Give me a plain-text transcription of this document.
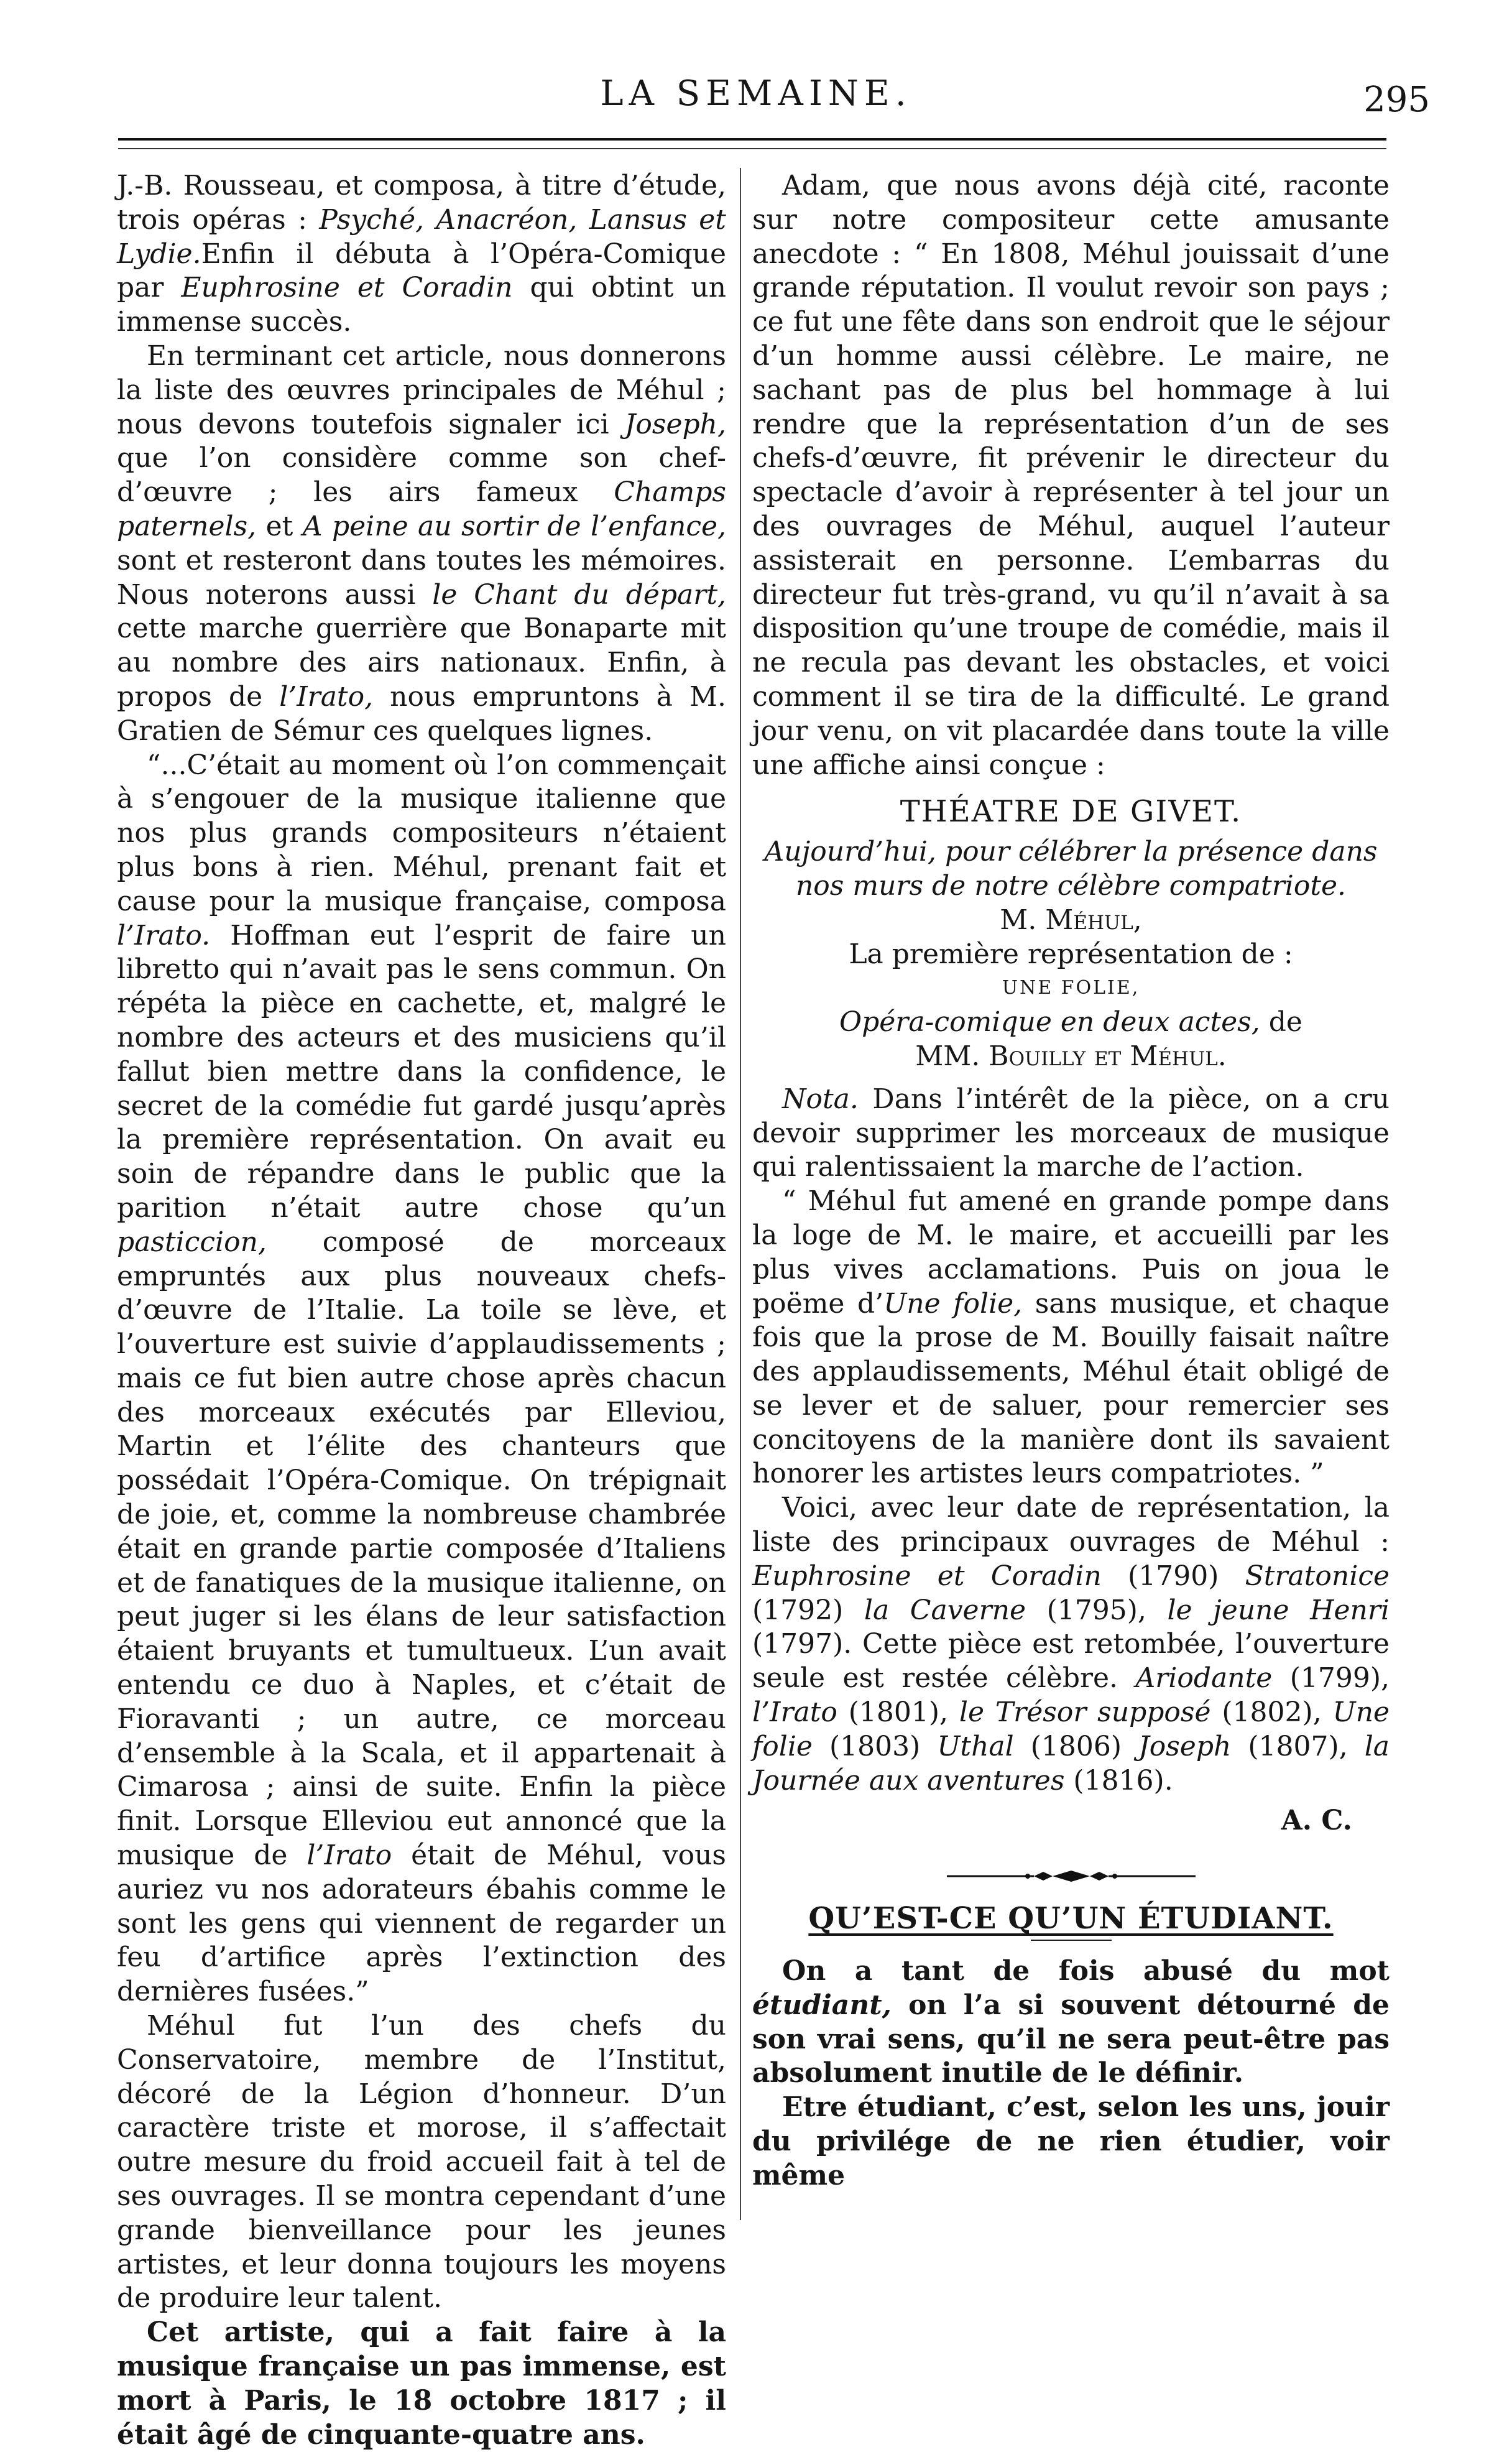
LA SEMAINE.	295

J.-B. Rousseau, et composa, à titre d’étude, trois opéras : Psyché, Anacréon, Lansus et Lydie.Enfin il débuta à l’Opéra-Comique par Euphrosine et Coradin qui obtint un immense succès.

En terminant cet article, nous donnerons la liste des œuvres principales de Méhul ; nous devons toutefois signaler ici Joseph, que l’on considère comme son chef-d’œuvre ; les airs fameux Champs paternels, et A peine au sortir de l’enfance, sont et resteront dans toutes les mémoires. Nous noterons aussi le Chant du départ, cette marche guerrière que Bonaparte mit au nombre des airs nationaux. Enfin, à propos de l’Irato, nous empruntons à M. Gratien de Sémur ces quelques lignes.

“...C’était au moment où l’on commençait à s’engouer de la musique italienne que nos plus grands compositeurs n’étaient plus bons à rien. Méhul, prenant fait et cause pour la musique française, composa l’Irato. Hoffman eut l’esprit de faire un libretto qui n’avait pas le sens commun. On répéta la pièce en cachette, et, malgré le nombre des acteurs et des musiciens qu’il fallut bien mettre dans la confidence, le secret de la comédie fut gardé jusqu’après la première représentation. On avait eu soin de répandre dans le public que la parition n’était autre chose qu’un pasticcion, composé de morceaux empruntés aux plus nouveaux chefs-d’œuvre de l’Italie. La toile se lève, et l’ouverture est suivie d’applaudissements ; mais ce fut bien autre chose après chacun des morceaux exécutés par Elleviou, Martin et l’élite des chanteurs que possédait l’Opéra-Comique. On trépignait de joie, et, comme la nombreuse chambrée était en grande partie composée d’Italiens et de fanatiques de la musique italienne, on peut juger si les élans de leur satisfaction étaient bruyants et tumultueux. L’un avait entendu ce duo à Naples, et c’était de Fioravanti ; un autre, ce morceau d’ensemble à la Scala, et il appartenait à Cimarosa ; ainsi de suite. Enfin la pièce finit. Lorsque Elleviou eut annoncé que la musique de l’Irato était de Méhul, vous auriez vu nos adorateurs ébahis comme le sont les gens qui viennent de regarder un feu d’artifice après l’extinction des dernières fusées.”

Méhul fut l’un des chefs du Conservatoire, membre de l’Institut, décoré de la Légion d’honneur. D’un caractère triste et morose, il s’affectait outre mesure du froid accueil fait à tel de ses ouvrages. Il se montra cependant d’une grande bienveillance pour les jeunes artistes, et leur donna toujours les moyens de produire leur talent.

Cet artiste, qui a fait faire à la musique française un pas immense, est mort à Paris, le 18 octobre 1817 ; il était âgé de cinquante-quatre ans.

Adam, que nous avons déjà cité, raconte sur notre compositeur cette amusante anecdote : “ En 1808, Méhul jouissait d’une grande réputation. Il voulut revoir son pays ; ce fut une fête dans son endroit que le séjour d’un homme aussi célèbre. Le maire, ne sachant pas de plus bel hommage à lui rendre que la représentation d’un de ses chefs-d’œuvre, fit prévenir le directeur du spectacle d’avoir à représenter à tel jour un des ouvrages de Méhul, auquel l’auteur assisterait en personne. L’embarras du directeur fut très-grand, vu qu’il n’avait à sa disposition qu’une troupe de comédie, mais il ne recula pas devant les obstacles, et voici comment il se tira de la difficulté. Le grand jour venu, on vit placardée dans toute la ville une affiche ainsi conçue :

THÉATRE DE GIVET.
Aujourd’hui, pour célébrer la présence dans
nos murs de notre célèbre compatriote.
M. Méhul,
La première représentation de :
UNE FOLIE,
Opéra-comique en deux actes, de
MM. Bouilly et Méhul.

Nota. Dans l’intérêt de la pièce, on a cru devoir supprimer les morceaux de musique qui ralentissaient la marche de l’action.

“ Méhul fut amené en grande pompe dans la loge de M. le maire, et accueilli par les plus vives acclamations. Puis on joua le poëme d’Une folie, sans musique, et chaque fois que la prose de M. Bouilly faisait naître des applaudissements, Méhul était obligé de se lever et de saluer, pour remercier ses concitoyens de la manière dont ils savaient honorer les artistes leurs compatriotes. ”

Voici, avec leur date de représentation, la liste des principaux ouvrages de Méhul : Euphrosine et Coradin (1790) Stratonice (1792) la Caverne (1795), le jeune Henri (1797). Cette pièce est retombée, l’ouverture seule est restée célèbre. Ariodante (1799), l’Irato (1801), le Trésor supposé (1802), Une folie (1803) Uthal (1806) Joseph (1807), la Journée aux aventures (1816).

A. C.
QU’EST-CE QU’UN ÉTUDIANT.

On a tant de fois abusé du mot étudiant, on l’a si souvent détourné de son vrai sens, qu’il ne sera peut-être pas absolument inutile de le définir.

Etre étudiant, c’est, selon les uns, jouir du privilége de ne rien étudier, voir même
